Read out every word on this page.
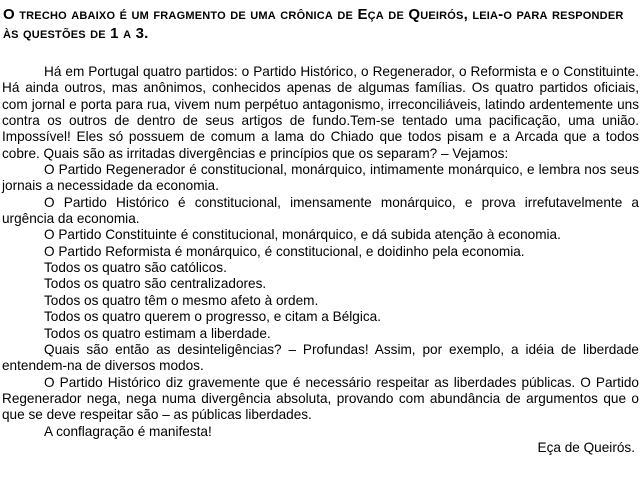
O trecho abaixo é um fragmento de uma crônica de Eça de Queirós, leia-o para responder às questões de 1 a 3.

Há em Portugal quatro partidos: o Partido Histórico, o Regenerador, o Reformista e o Constituinte. Há ainda outros, mas anônimos, conhecidos apenas de algumas famílias. Os quatro partidos oficiais, com jornal e porta para rua, vivem num perpétuo antagonismo, irreconciliáveis, latindo ardentemente uns contra os outros de dentro de seus artigos de fundo.Tem-se tentado uma pacificação, uma união. Impossível! Eles só possuem de comum a lama do Chiado que todos pisam e a Arcada que a todos cobre. Quais são as irritadas divergências e princípios que os separam? – Vejamos:

O Partido Regenerador é constitucional, monárquico, intimamente monárquico, e lembra nos seus jornais a necessidade da economia.

O Partido Histórico é constitucional, imensamente monárquico, e prova irrefutavelmente a urgência da economia.

O Partido Constituinte é constitucional, monárquico, e dá subida atenção à economia.

O Partido Reformista é monárquico, é constitucional, e doidinho pela economia.

Todos os quatro são católicos.

Todos os quatro são centralizadores.

Todos os quatro têm o mesmo afeto à ordem.

Todos os quatro querem o progresso, e citam a Bélgica.

Todos os quatro estimam a liberdade.

Quais são então as desinteligências? – Profundas! Assim, por exemplo, a idéia de liberdade entendem-na de diversos modos.

O Partido Histórico diz gravemente que é necessário respeitar as liberdades públicas. O Partido Regenerador nega, nega numa divergência absoluta, provando com abundância de argumentos que o que se deve respeitar são – as públicas liberdades.

A conflagração é manifesta!

Eça de Queirós.
